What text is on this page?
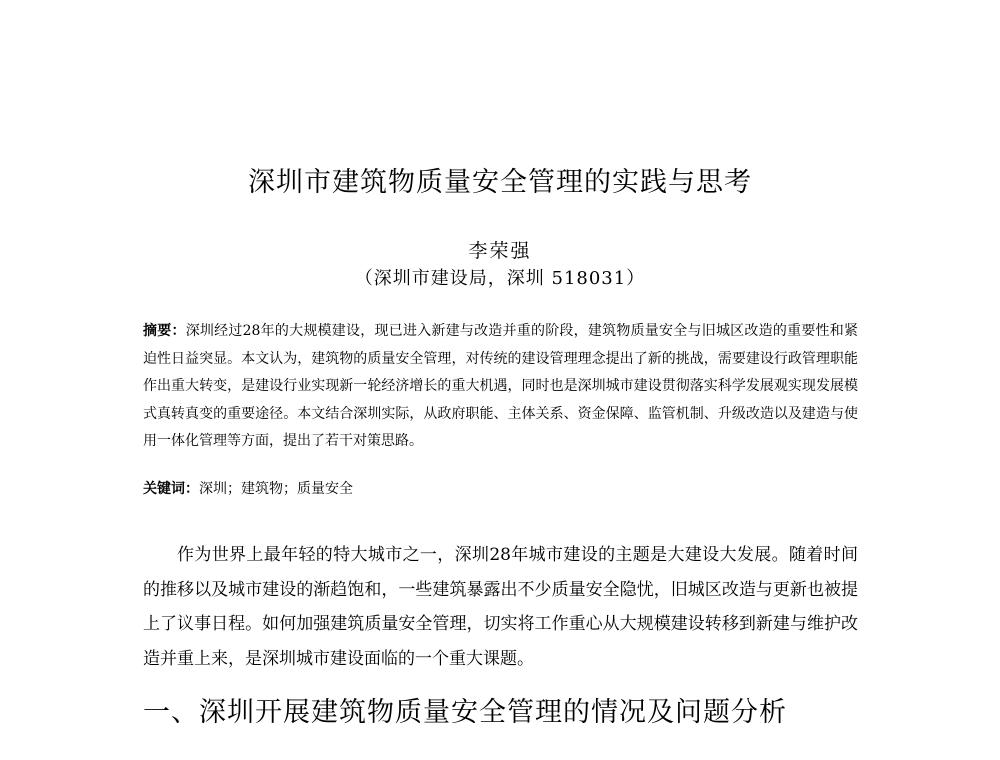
深圳市建筑物质量安全管理的实践与思考
李荣强
（深圳市建设局，深圳 518031）
摘要：深圳经过28年的大规模建设，现已进入新建与改造并重的阶段，建筑物质量安全与旧城区改造的重要性和紧迫性日益突显。本文认为，建筑物的质量安全管理，对传统的建设管理理念提出了新的挑战，需要建设行政管理职能作出重大转变，是建设行业实现新一轮经济增长的重大机遇，同时也是深圳城市建设贯彻落实科学发展观实现发展模式真转真变的重要途径。本文结合深圳实际，从政府职能、主体关系、资金保障、监管机制、升级改造以及建造与使用一体化管理等方面，提出了若干对策思路。
关键词：深圳；建筑物；质量安全
作为世界上最年轻的特大城市之一，深圳28年城市建设的主题是大建设大发展。随着时间的推移以及城市建设的渐趋饱和，一些建筑暴露出不少质量安全隐忧，旧城区改造与更新也被提上了议事日程。如何加强建筑质量安全管理，切实将工作重心从大规模建设转移到新建与维护改造并重上来，是深圳城市建设面临的一个重大课题。
一、深圳开展建筑物质量安全管理的情况及问题分析
